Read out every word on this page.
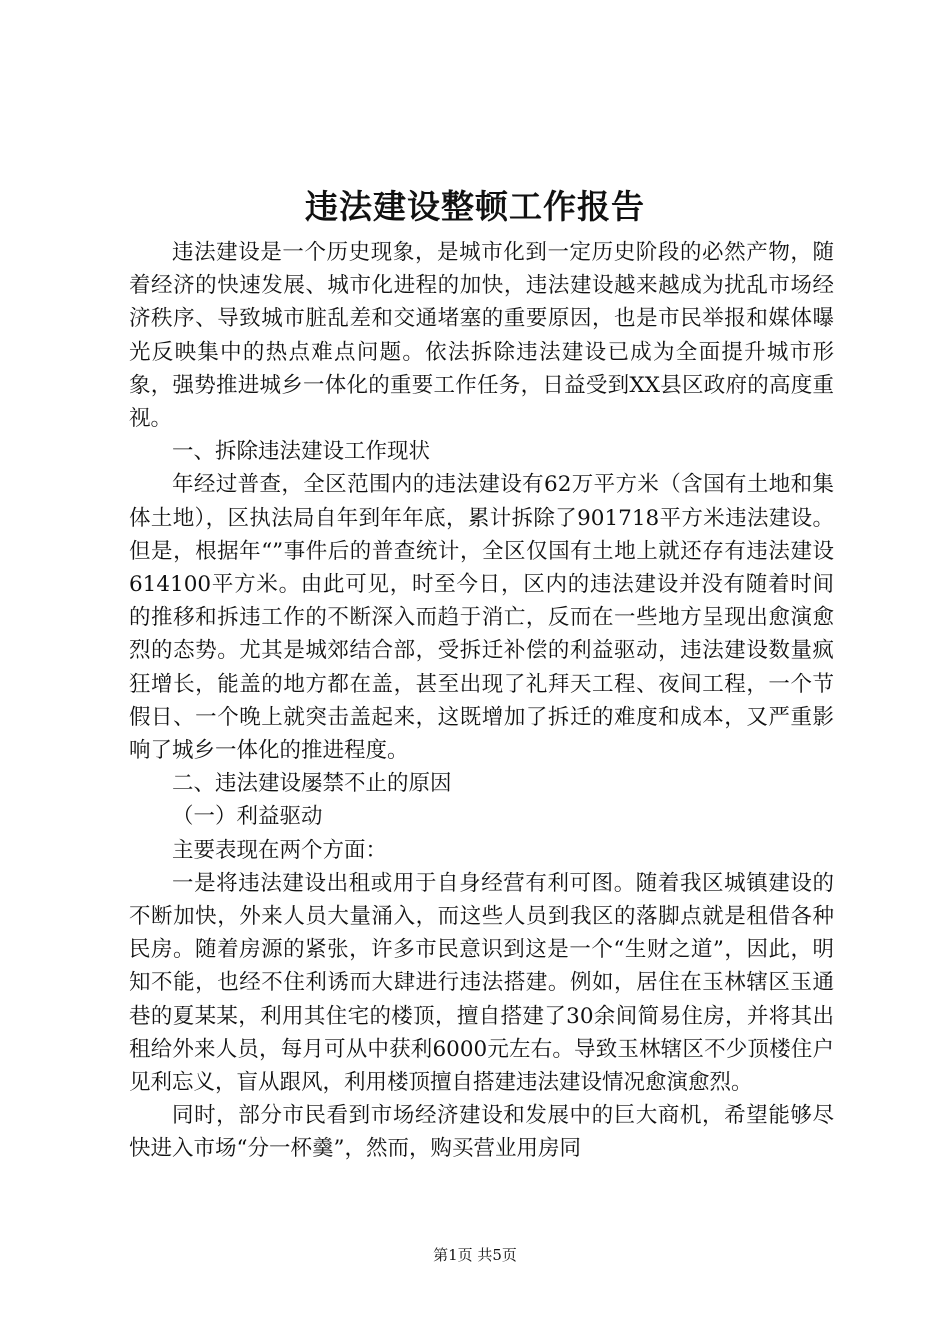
违法建设整顿工作报告

违法建设是一个历史现象，是城市化到一定历史阶段的必然产物，随着经济的快速发展、城市化进程的加快，违法建设越来越成为扰乱市场经济秩序、导致城市脏乱差和交通堵塞的重要原因，也是市民举报和媒体曝光反映集中的热点难点问题。依法拆除违法建设已成为全面提升城市形象，强势推进城乡一体化的重要工作任务，日益受到XX县区政府的高度重视。

一、拆除违法建设工作现状

年经过普查，全区范围内的违法建设有62万平方米（含国有土地和集体土地），区执法局自年到年年底，累计拆除了901718平方米违法建设。但是，根据年“”事件后的普查统计，全区仅国有土地上就还存有违法建设614100平方米。由此可见，时至今日，区内的违法建设并没有随着时间的推移和拆违工作的不断深入而趋于消亡，反而在一些地方呈现出愈演愈烈的态势。尤其是城郊结合部，受拆迁补偿的利益驱动，违法建设数量疯狂增长，能盖的地方都在盖，甚至出现了礼拜天工程、夜间工程，一个节假日、一个晚上就突击盖起来，这既增加了拆迁的难度和成本，又严重影响了城乡一体化的推进程度。

二、违法建设屡禁不止的原因

（一）利益驱动

主要表现在两个方面：

一是将违法建设出租或用于自身经营有利可图。随着我区城镇建设的不断加快，外来人员大量涌入，而这些人员到我区的落脚点就是租借各种民房。随着房源的紧张，许多市民意识到这是一个“生财之道”，因此，明知不能，也经不住利诱而大肆进行违法搭建。例如，居住在玉林辖区玉通巷的夏某某，利用其住宅的楼顶，擅自搭建了30余间简易住房，并将其出租给外来人员，每月可从中获利6000元左右。导致玉林辖区不少顶楼住户见利忘义，盲从跟风，利用楼顶擅自搭建违法建设情况愈演愈烈。

同时，部分市民看到市场经济建设和发展中的巨大商机，希望能够尽快进入市场“分一杯羹”，然而，购买营业用房同

第1页 共5页
